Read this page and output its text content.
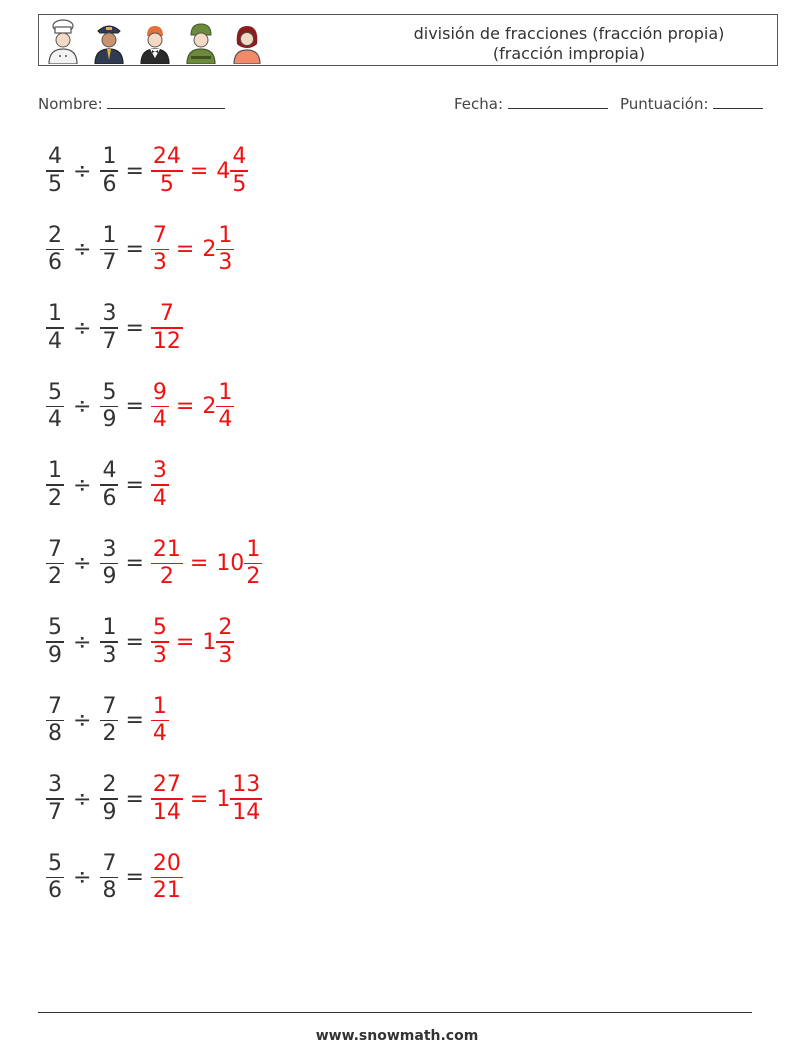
división de fracciones (fracción propia)
(fracción impropia)
Nombre:	Fecha:	Puntuación:
$\frac{4}{5} \div \frac{1}{6} = \frac{24}{5} = 4 \frac{4}{5}$
$\frac{2}{6} \div \frac{1}{7} = \frac{7}{3} = 2 \frac{1}{3}$
$\frac{1}{4} \div \frac{3}{7} = \frac{7}{12}$
$\frac{5}{4} \div \frac{5}{9} = \frac{9}{4} = 2 \frac{1}{4}$
$\frac{1}{2} \div \frac{4}{6} = \frac{3}{4}$
$\frac{7}{2} \div \frac{3}{9} = \frac{21}{2} = 10 \frac{1}{2}$
$\frac{5}{9} \div \frac{1}{3} = \frac{5}{3} = 1 \frac{2}{3}$
$\frac{7}{8} \div \frac{7}{2} = \frac{1}{4}$
$\frac{3}{7} \div \frac{2}{9} = \frac{27}{14} = 1 \frac{13}{14}$
$\frac{5}{6} \div \frac{7}{8} = \frac{20}{21}$
www.snowmath.com
